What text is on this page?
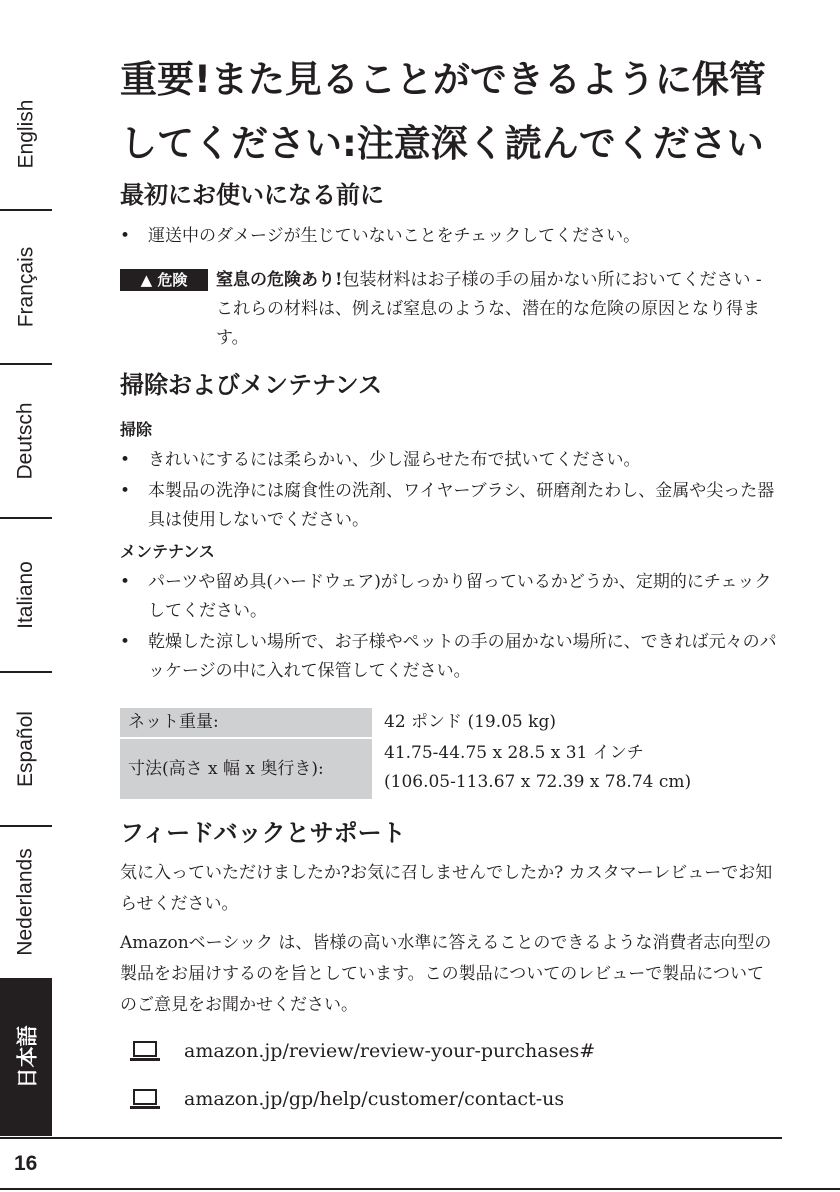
English
Français
Deutsch
Italiano
Español
Nederlands
日本語
重要!また見ることができるように保管してください:注意深く読んでください
最初にお使いになる前に
• 運送中のダメージが生じていないことをチェックしてください。
▲ 危険	窒息の危険あり!包装材料はお子様の手の届かない所においてください - これらの材料は、例えば窒息のような、潜在的な危険の原因となり得ます。
掃除およびメンテナンス
掃除
• きれいにするには柔らかい、少し湿らせた布で拭いてください。
• 本製品の洗浄には腐食性の洗剤、ワイヤーブラシ、研磨剤たわし、金属や尖った器具は使用しないでください。
メンテナンス
• パーツや留め具(ハードウェア)がしっかり留っているかどうか、定期的にチェックしてください。
• 乾燥した涼しい場所で、お子様やペットの手の届かない場所に、できれば元々のパッケージの中に入れて保管してください。
ネット重量:	42 ポンド (19.05 kg)
寸法(高さ x 幅 x 奥行き):	41.75-44.75 x 28.5 x 31 インチ
(106.05-113.67 x 72.39 x 78.74 cm)
フィードバックとサポート

気に入っていただけましたか?お気に召しませんでしたか? カスタマーレビューでお知らせください。

Amazonベーシック は、皆様の高い水準に答えることのできるような消費者志向型の製品をお届けするのを旨としています。この製品についてのレビューで製品についてのご意見をお聞かせください。

amazon.jp/review/review-your-purchases#
amazon.jp/gp/help/customer/contact-us
16
